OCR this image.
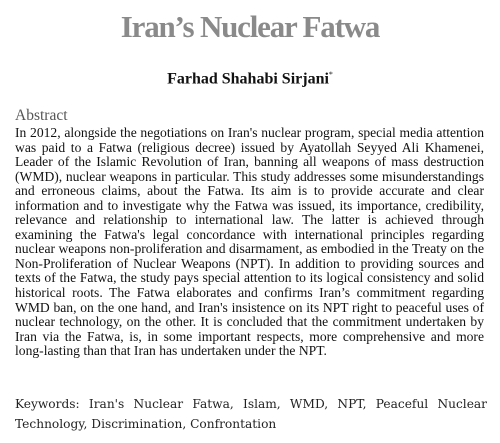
Iran’s Nuclear Fatwa
Farhad Shahabi Sirjani*
Abstract

In 2012, alongside the negotiations on Iran's nuclear program, special media attention was paid to a Fatwa (religious decree) issued by Ayatollah Seyyed Ali Khamenei, Leader of the Islamic Revolution of Iran, banning all weapons of mass destruction (WMD), nuclear weapons in particular. This study addresses some misunderstandings and erroneous claims, about the Fatwa. Its aim is to provide accurate and clear information and to investigate why the Fatwa was issued, its importance, credibility, relevance and relationship to international law. The latter is achieved through examining the Fatwa's legal concordance with international principles regarding nuclear weapons non-proliferation and disarmament, as embodied in the Treaty on the Non-Proliferation of Nuclear Weapons (NPT). In addition to providing sources and texts of the Fatwa, the study pays special attention to its logical consistency and solid historical roots. The Fatwa elaborates and confirms Iran’s commitment regarding WMD ban, on the one hand, and Iran's insistence on its NPT right to peaceful uses of nuclear technology, on the other. It is concluded that the commitment undertaken by Iran via the Fatwa, is, in some important respects, more comprehensive and more long-lasting than that Iran has undertaken under the NPT.

Keywords: Iran's Nuclear Fatwa, Islam, WMD, NPT, Peaceful Nuclear Technology, Discrimination, Confrontation
